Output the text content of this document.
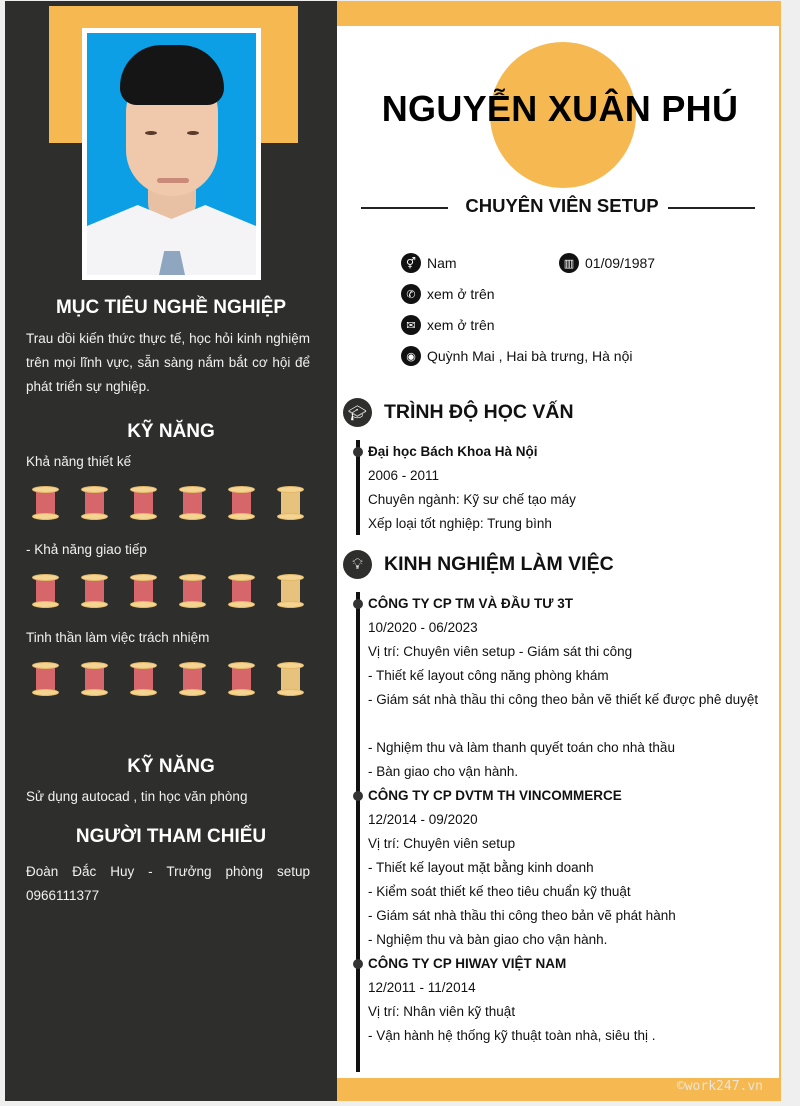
MỤC TIÊU NGHỀ NGHIỆP
Trau dồi kiến thức thực tế, học hỏi kinh nghiệm trên mọi lĩnh vực, sẵn sàng nắm bắt cơ hội để phát triển sự nghiệp.
KỸ NĂNG
Khả năng thiết kế
- Khả năng giao tiếp
Tinh thần làm việc trách nhiệm
KỸ NĂNG
Sử dụng autocad , tin học văn phòng
NGƯỜI THAM CHIẾU
Đoàn Đắc Huy - Trưởng phòng setup 0966111377
NGUYỄN XUÂN PHÚ
CHUYÊN VIÊN SETUP
⚥ Nam	▥ 01/09/1987
✆ xem ở trên
✉ xem ở trên
◉ Quỳnh Mai , Hai bà trưng, Hà nội
🎓︎ TRÌNH ĐỘ HỌC VẤN
Đại học Bách Khoa Hà Nội
2006 - 2011
Chuyên ngành: Kỹ sư chế tạo máy
Xếp loại tốt nghiệp: Trung bình
💡︎	KINH NGHIỆM LÀM VIỆC
CÔNG TY CP TM VÀ ĐẦU TƯ 3T
10/2020 - 06/2023
Vị trí: Chuyên viên setup - Giám sát thi công
- Thiết kế layout công năng phòng khám
- Giám sát nhà thầu thi công theo bản vẽ thiết kế được phê duyệt
- Nghiệm thu và làm thanh quyết toán cho nhà thầu
- Bàn giao cho vận hành.
CÔNG TY CP DVTM TH VINCOMMERCE
12/2014 - 09/2020
Vị trí: Chuyên viên setup
- Thiết kế layout mặt bằng kinh doanh
- Kiểm soát thiết kế theo tiêu chuẩn kỹ thuật
- Giám sát nhà thầu thi công theo bản vẽ phát hành
- Nghiệm thu và bàn giao cho vận hành.
CÔNG TY CP HIWAY VIỆT NAM
12/2011 - 11/2014
Vị trí: Nhân viên kỹ thuật
- Vận hành hệ thống kỹ thuật toàn nhà, siêu thị .
©work247.vn
